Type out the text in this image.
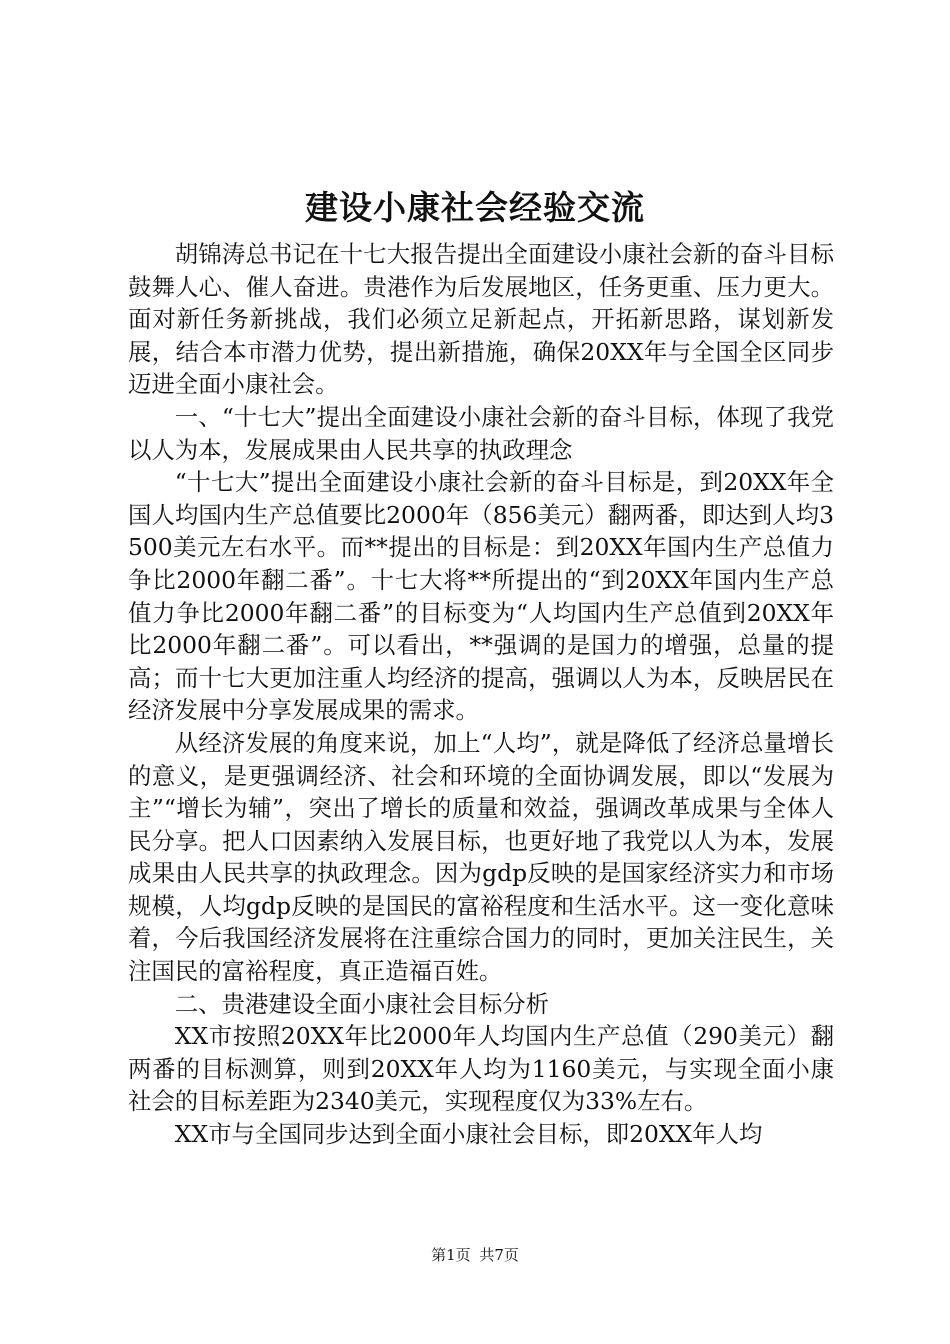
建设小康社会经验交流

胡锦涛总书记在十七大报告提出全面建设小康社会新的奋斗目标鼓舞人心、催人奋进。贵港作为后发展地区，任务更重、压力更大。面对新任务新挑战，我们必须立足新起点，开拓新思路，谋划新发展，结合本市潜力优势，提出新措施，确保20XX年与全国全区同步迈进全面小康社会。

一、“十七大”提出全面建设小康社会新的奋斗目标，体现了我党以人为本，发展成果由人民共享的执政理念

“十七大”提出全面建设小康社会新的奋斗目标是，到20XX年全国人均国内生产总值要比2000年（856美元）翻两番，即达到人均3500美元左右水平。而**提出的目标是：到20XX年国内生产总值力争比2000年翻二番”。十七大将**所提出的“到20XX年国内生产总值力争比2000年翻二番”的目标变为“人均国内生产总值到20XX年比2000年翻二番”。可以看出，**强调的是国力的增强，总量的提高；而十七大更加注重人均经济的提高，强调以人为本，反映居民在经济发展中分享发展成果的需求。

从经济发展的角度来说，加上“人均”，就是降低了经济总量增长的意义，是更强调经济、社会和环境的全面协调发展，即以“发展为主”“增长为辅”，突出了增长的质量和效益，强调改革成果与全体人民分享。把人口因素纳入发展目标，也更好地了我党以人为本，发展成果由人民共享的执政理念。因为gdp反映的是国家经济实力和市场规模，人均gdp反映的是国民的富裕程度和生活水平。这一变化意味着，今后我国经济发展将在注重综合国力的同时，更加关注民生，关注国民的富裕程度，真正造福百姓。

二、贵港建设全面小康社会目标分析

XX市按照20XX年比2000年人均国内生产总值（290美元）翻两番的目标测算，则到20XX年人均为1160美元，与实现全面小康社会的目标差距为2340美元，实现程度仅为33%左右。

XX市与全国同步达到全面小康社会目标，即20XX年人均

第1页 共7页
